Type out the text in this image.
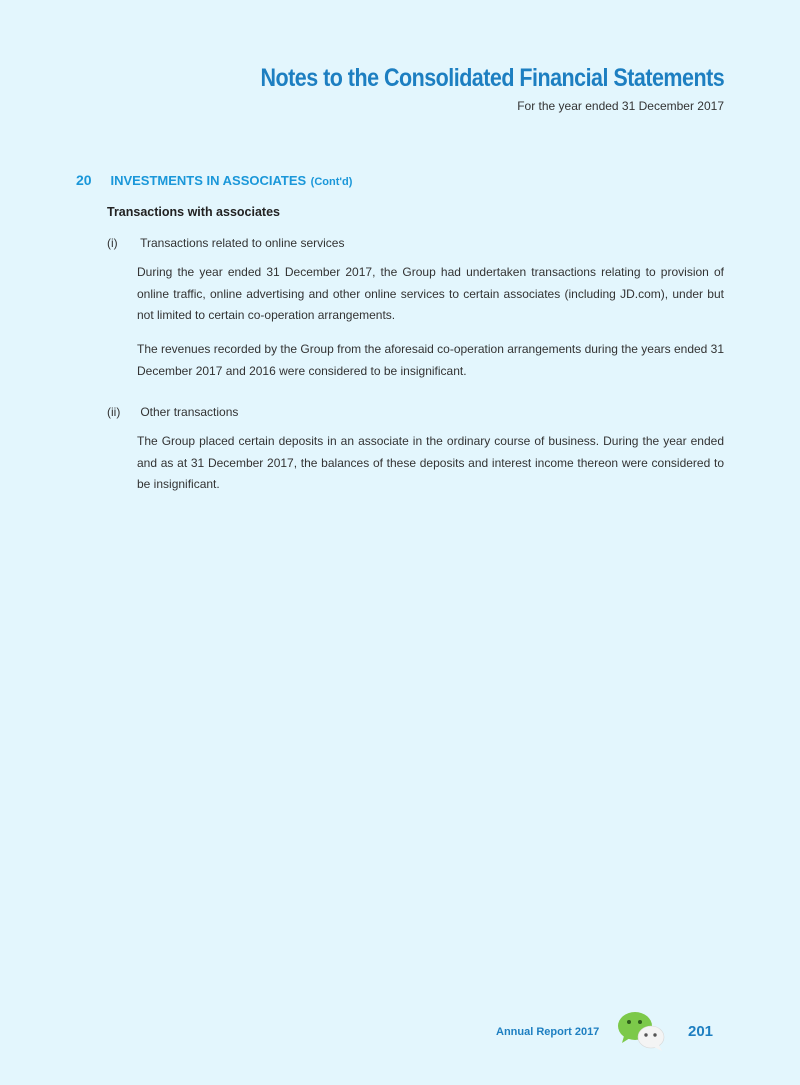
Notes to the Consolidated Financial Statements
For the year ended 31 December 2017
20 INVESTMENTS IN ASSOCIATES (Cont'd)
Transactions with associates
(i) Transactions related to online services

During the year ended 31 December 2017, the Group had undertaken transactions relating to provision of online traffic, online advertising and other online services to certain associates (including JD.com), under but not limited to certain co-operation arrangements.

The revenues recorded by the Group from the aforesaid co-operation arrangements during the years ended 31 December 2017 and 2016 were considered to be insignificant.

(ii) Other transactions

The Group placed certain deposits in an associate in the ordinary course of business. During the year ended and as at 31 December 2017, the balances of these deposits and interest income thereon were considered to be insignificant.

Annual Report 2017	201
